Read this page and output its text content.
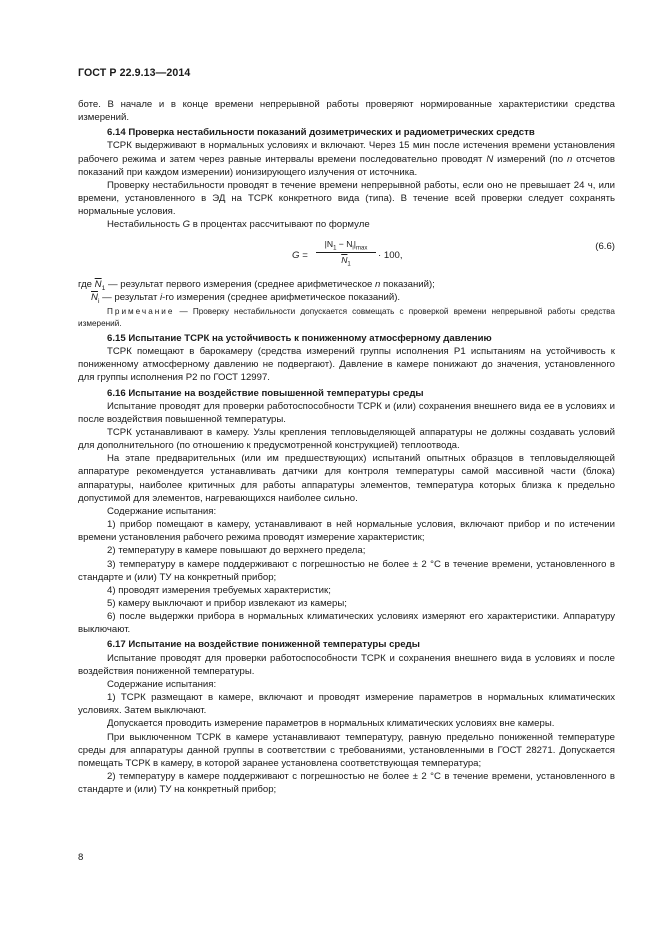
ГОСТ Р 22.9.13—2014

боте. В начале и в конце времени непрерывной работы проверяют нормированные характеристики средства измерений.

6.14 Проверка нестабильности показаний дозиметрических и радиометрических средств

ТСРК выдерживают в нормальных условиях и включают. Через 15 мин после истечения времени установления рабочего режима и затем через равные интервалы времени последовательно проводят N измерений (по n отсчетов показаний при каждом измерении) ионизирующего излучения от источника.

Проверку нестабильности проводят в течение времени непрерывной работы, если оно не превышает 24 ч, или времени, установленного в ЭД на ТСРК конкретного вида (типа). В течение всей проверки следует сохранять нормальные условия.

Нестабильность G в процентах рассчитывают по формуле

G =
$|N_1 - N_i|_{max}$
$\overline{N}_1$
· 100,
(6.6)

где $\overline{N}_1$ — результат первого измерения (среднее арифметическое n показаний);

$\overline{N}_i$ — результат i-го измерения (среднее арифметическое показаний).

Примечание — Проверку нестабильности допускается совмещать с проверкой времени непрерывной работы средства измерений.

6.15 Испытание ТСРК на устойчивость к пониженному атмосферному давлению

ТСРК помещают в барокамеру (средства измерений группы исполнения Р1 испытаниям на устойчивость к пониженному атмосферному давлению не подвергают). Давление в камере понижают до значения, установленного для группы исполнения Р2 по ГОСТ 12997.

6.16 Испытание на воздействие повышенной температуры среды

Испытание проводят для проверки работоспособности ТСРК и (или) сохранения внешнего вида ее в условиях и после воздействия повышенной температуры.

ТСРК устанавливают в камеру. Узлы крепления тепловыделяющей аппаратуры не должны создавать условий для дополнительного (по отношению к предусмотренной конструкцией) теплоотвода.

На этапе предварительных (или им предшествующих) испытаний опытных образцов в тепловыделяющей аппаратуре рекомендуется устанавливать датчики для контроля температуры самой массивной части (блока) аппаратуры, наиболее критичных для работы аппаратуры элементов, температура которых близка к предельно допустимой для элементов, нагревающихся наиболее сильно.

Содержание испытания:

1) прибор помещают в камеру, устанавливают в ней нормальные условия, включают прибор и по истечении времени установления рабочего режима проводят измерение характеристик;

2) температуру в камере повышают до верхнего предела;

3) температуру в камере поддерживают с погрешностью не более ± 2 °С в течение времени, установленного в стандарте и (или) ТУ на конкретный прибор;

4) проводят измерения требуемых характеристик;

5) камеру выключают и прибор извлекают из камеры;

6) после выдержки прибора в нормальных климатических условиях измеряют его характеристики. Аппаратуру выключают.

6.17 Испытание на воздействие пониженной температуры среды

Испытание проводят для проверки работоспособности ТСРК и сохранения внешнего вида в условиях и после воздействия пониженной температуры.

Содержание испытания:

1) ТСРК размещают в камере, включают и проводят измерение параметров в нормальных климатических условиях. Затем выключают.

Допускается проводить измерение параметров в нормальных климатических условиях вне камеры.

При выключенном ТСРК в камере устанавливают температуру, равную предельно пониженной температуре среды для аппаратуры данной группы в соответствии с требованиями, установленными в ГОСТ 28271. Допускается помещать ТСРК в камеру, в которой заранее установлена соответствующая температура;

2) температуру в камере поддерживают с погрешностью не более ± 2 °С в течение времени, установленного в стандарте и (или) ТУ на конкретный прибор;

8
